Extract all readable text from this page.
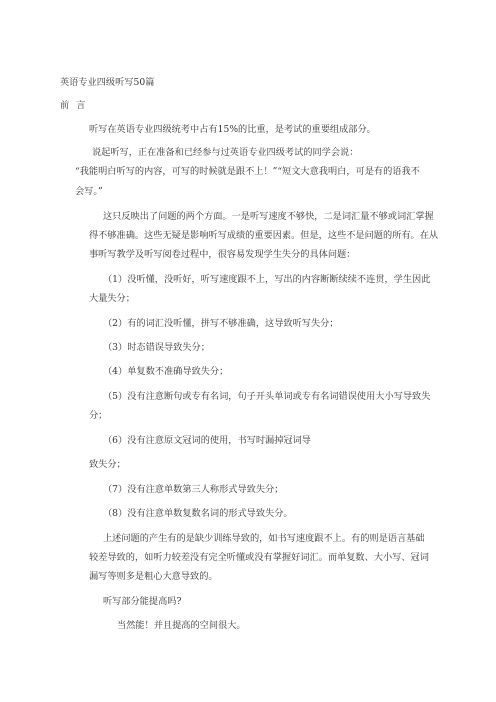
英语专业四级听写50篇
前 言
听写在英语专业四级统考中占有15%的比重，是考试的重要组成部分。
说起听写，正在准备和已经参与过英语专业四级考试的同学会说：
“我能明白听写的内容，可写的时候就是跟不上！”“短文大意我明白，可是有的语我不
会写。”
这只反映出了问题的两个方面。一是听写速度不够快，二是词汇量不够或词汇掌握
得不够准确。这些无疑是影响听写成绩的重要因素。但是，这些不是问题的所有。在从
事听写教学及听写阅卷过程中，很容易发现学生失分的具体问题：
（1）没听懂，没听好，听写速度跟不上，写出的内容断断续续不连贯，学生因此
大量失分；
（2）有的词汇没听懂，拼写不够准确，这导致听写失分；
（3）时态错误导致失分；
（4）单复数不准确导致失分；
（5）没有注意断句或专有名词，句子开头单词或专有名词错误使用大小写导致失
分；
（6）没有注意原文冠词的使用，书写时漏掉冠词导
致失分；
（7）没有注意单数第三人称形式导致失分；
（8）没有注意单数复数名词的形式导致失分。
上述问题的产生有的是缺少训练导致的，如书写速度跟不上。有的则是语言基础
较差导致的，如听力较差没有完全听懂或没有掌握好词汇。而单复数、大小写、冠词
漏写等则多是粗心大意导致的。
听写部分能提高吗?
当然能！并且提高的空间很大。
